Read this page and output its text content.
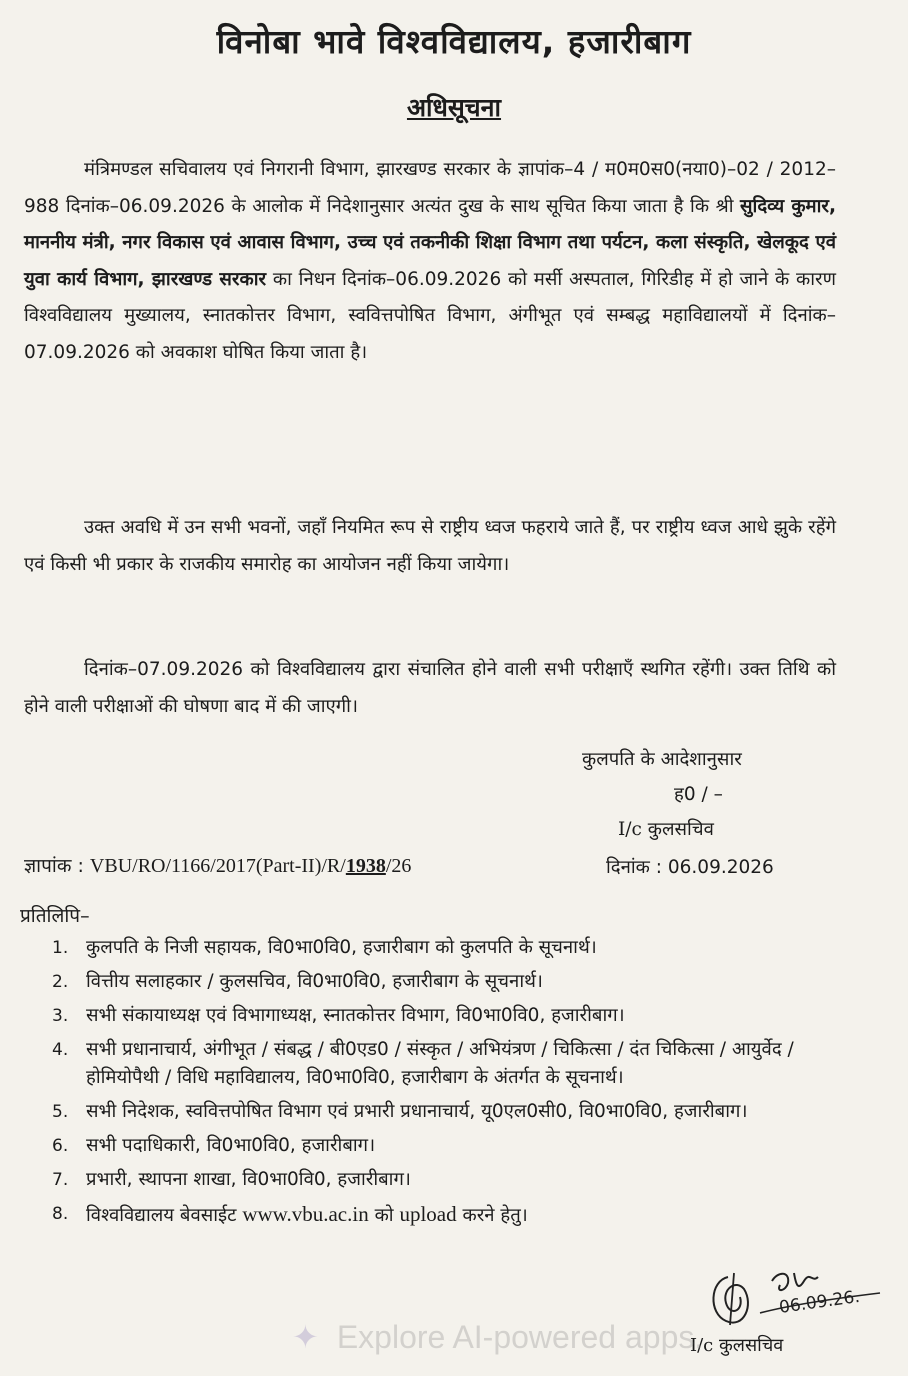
विनोबा भावे विश्वविद्यालय, हजारीबाग
अधिसूचना

मंत्रिमण्डल सचिवालय एवं निगरानी विभाग, झारखण्ड सरकार के ज्ञापांक–4 / म0म0स0(नया0)–02 / 2012–988 दिनांक–06.09.2026 के आलोक में निदेशानुसार अत्यंत दुख के साथ सूचित किया जाता है कि श्री सुदिव्य कुमार, माननीय मंत्री, नगर विकास एवं आवास विभाग, उच्च एवं तकनीकी शिक्षा विभाग तथा पर्यटन, कला संस्कृति, खेलकूद एवं युवा कार्य विभाग, झारखण्ड सरकार का निधन दिनांक–06.09.2026 को मर्सी अस्पताल, गिरिडीह में हो जाने के कारण विश्वविद्यालय मुख्यालय, स्नातकोत्तर विभाग, स्ववित्तपोषित विभाग, अंगीभूत एवं सम्बद्ध महाविद्यालयों में दिनांक–07.09.2026 को अवकाश घोषित किया जाता है।

उक्त अवधि में उन सभी भवनों, जहाँ नियमित रूप से राष्ट्रीय ध्वज फहराये जाते हैं, पर राष्ट्रीय ध्वज आधे झुके रहेंगे एवं किसी भी प्रकार के राजकीय समारोह का आयोजन नहीं किया जायेगा।

दिनांक–07.09.2026 को विश्वविद्यालय द्वारा संचालित होने वाली सभी परीक्षाएँ स्थगित रहेंगी। उक्त तिथि को होने वाली परीक्षाओं की घोषणा बाद में की जाएगी।

कुलपति के आदेशानुसार
ह0 / –
I/c कुलसचिव
ज्ञापांक : VBU/RO/1166/2017(Part-II)/R/1938/26	दिनांक : 06.09.2026
प्रतिलिपि–
1. कुलपति के निजी सहायक, वि0भा0वि0, हजारीबाग को कुलपति के सूचनार्थ।
2. वित्तीय सलाहकार / कुलसचिव, वि0भा0वि0, हजारीबाग के सूचनार्थ।
3. सभी संकायाध्यक्ष एवं विभागाध्यक्ष, स्नातकोत्तर विभाग, वि0भा0वि0, हजारीबाग।
4. सभी प्रधानाचार्य, अंगीभूत / संबद्ध / बी0एड0 / संस्कृत / अभियंत्रण / चिकित्सा / दंत चिकित्सा / आयुर्वेद / होमियोपैथी / विधि महाविद्यालय, वि0भा0वि0, हजारीबाग के अंतर्गत के सूचनार्थ।
5. सभी निदेशक, स्ववित्तपोषित विभाग एवं प्रभारी प्रधानाचार्य, यू0एल0सी0, वि0भा0वि0, हजारीबाग।
6. सभी पदाधिकारी, वि0भा0वि0, हजारीबाग।
7. प्रभारी, स्थापना शाखा, वि0भा0वि0, हजारीबाग।
8. विश्वविद्यालय बेवसाईट www.vbu.ac.in को upload करने हेतु।
06.09.26.
I/c कुलसचिव
✦ Explore AI-powered apps.
